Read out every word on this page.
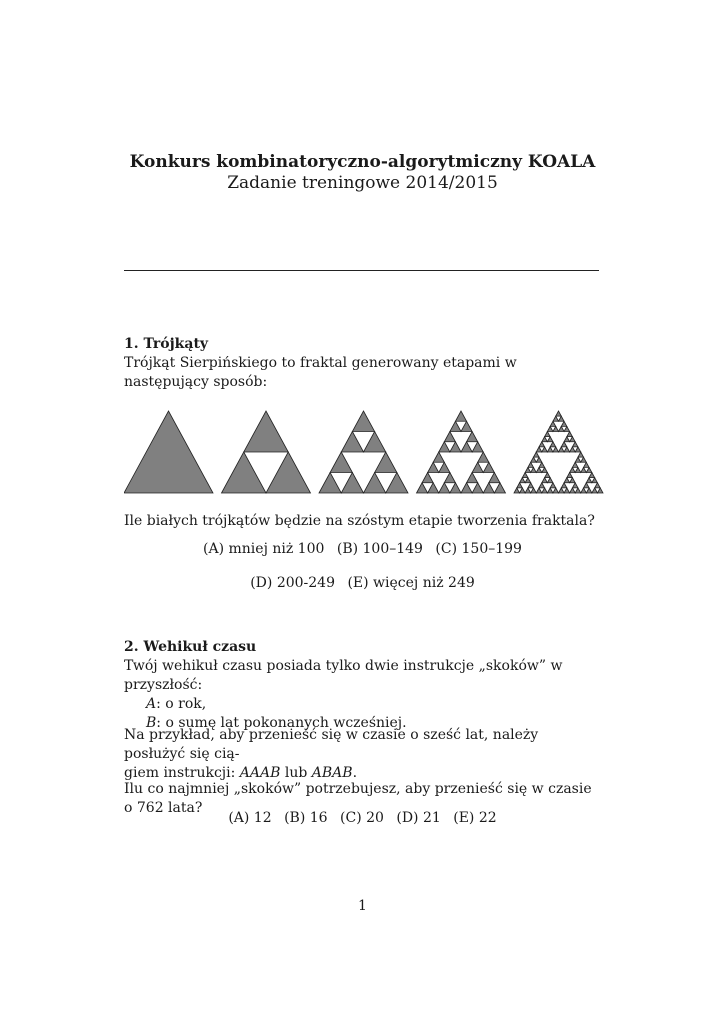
Konkurs kombinatoryczno-algorytmiczny KOALA
Zadanie treningowe 2014/2015
1. Trójkąty
Trójkąt Sierpińskiego to fraktal generowany etapami w następujący sposób:
Ile białych trójkątów będzie na szóstym etapie tworzenia fraktala?
(A) mniej niż 100 (B) 100–149 (C) 150–199
(D) 200-249 (E) więcej niż 249
2. Wehikuł czasu
Twój wehikuł czasu posiada tylko dwie instrukcje „skoków” w przyszłość:
A: o rok,
B: o sumę lat pokonanych wcześniej.
Na przykład, aby przenieść się w czasie o sześć lat, należy posłużyć się cią-
giem instrukcji: AAAB lub ABAB.
Ilu co najmniej „skoków” potrzebujesz, aby przenieść się w czasie o 762 lata?
(A) 12 (B) 16 (C) 20 (D) 21 (E) 22
1
